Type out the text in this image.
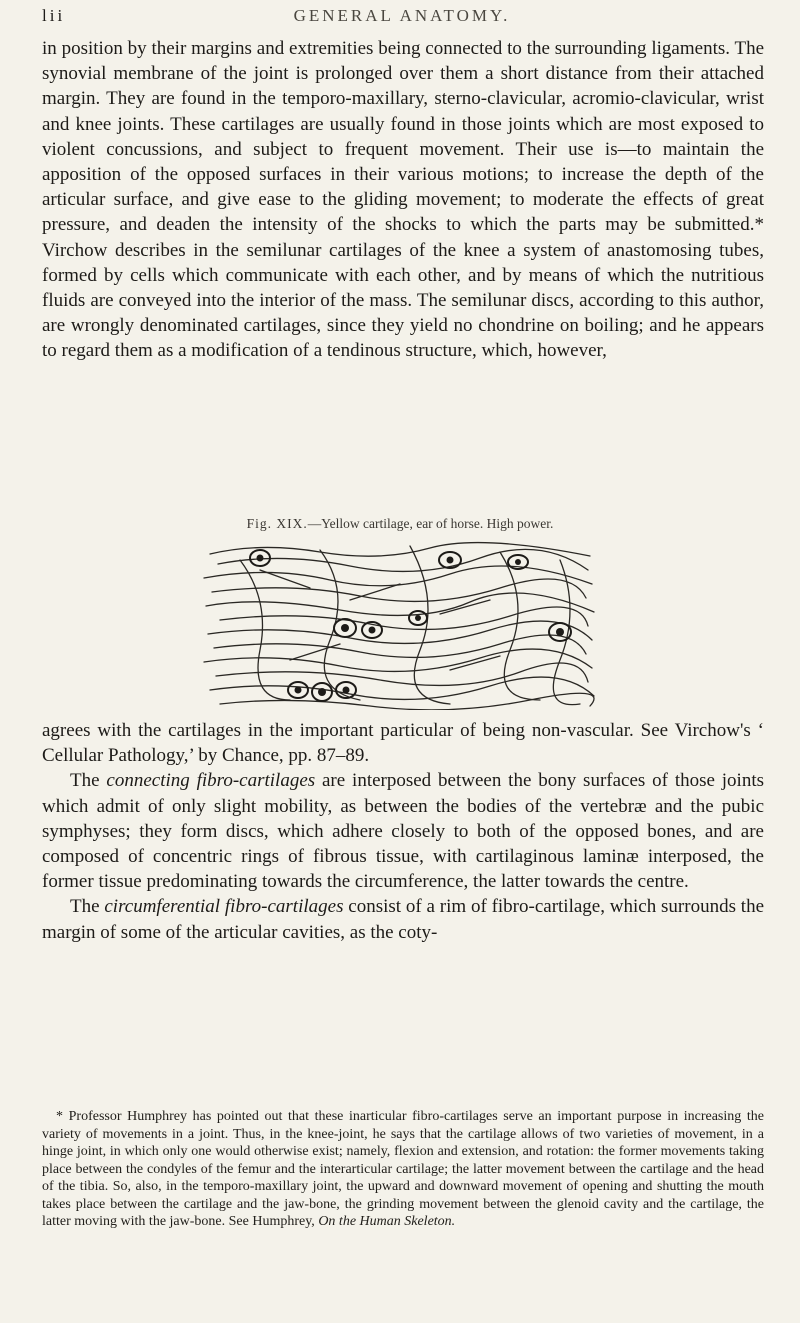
lii	GENERAL ANATOMY.

in position by their margins and extremities being connected to the surrounding ligaments. The synovial membrane of the joint is prolonged over them a short distance from their attached margin. They are found in the temporo-maxillary, sterno-clavicular, acromio-clavicular, wrist and knee joints. These cartilages are usually found in those joints which are most exposed to violent concussions, and subject to frequent movement. Their use is—to maintain the apposition of the opposed surfaces in their various motions; to increase the depth of the articular surface, and give ease to the gliding movement; to moderate the effects of great pressure, and deaden the intensity of the shocks to which the parts may be submitted.* Virchow describes in the semilunar cartilages of the knee a system of anastomosing tubes, formed by cells which communicate with each other, and by means of which the nutritious fluids are conveyed into the interior of the mass. The semilunar discs, according to this author, are wrongly denominated cartilages, since they yield no chondrine on boiling; and he appears to regard them as a modification of a tendinous structure, which, however,

Fig. XIX.—Yellow cartilage, ear of horse. High power.

agrees with the cartilages in the important particular of being non-vascular. See Virchow's ‘ Cellular Pathology,’ by Chance, pp. 87–89.

The connecting fibro-cartilages are interposed between the bony surfaces of those joints which admit of only slight mobility, as between the bodies of the vertebræ and the pubic symphyses; they form discs, which adhere closely to both of the opposed bones, and are composed of concentric rings of fibrous tissue, with cartilaginous laminæ interposed, the former tissue predominating towards the circumference, the latter towards the centre.

The circumferential fibro-cartilages consist of a rim of fibro-cartilage, which surrounds the margin of some of the articular cavities, as the coty-

* Professor Humphrey has pointed out that these inarticular fibro-cartilages serve an important purpose in increasing the variety of movements in a joint. Thus, in the knee-joint, he says that the cartilage allows of two varieties of movement, in a hinge joint, in which only one would otherwise exist; namely, flexion and extension, and rotation: the former movements taking place between the condyles of the femur and the interarticular cartilage; the latter movement between the cartilage and the head of the tibia. So, also, in the temporo-maxillary joint, the upward and downward movement of opening and shutting the mouth takes place between the cartilage and the jaw-bone, the grinding movement between the glenoid cavity and the cartilage, the latter moving with the jaw-bone. See Humphrey, On the Human Skeleton.
